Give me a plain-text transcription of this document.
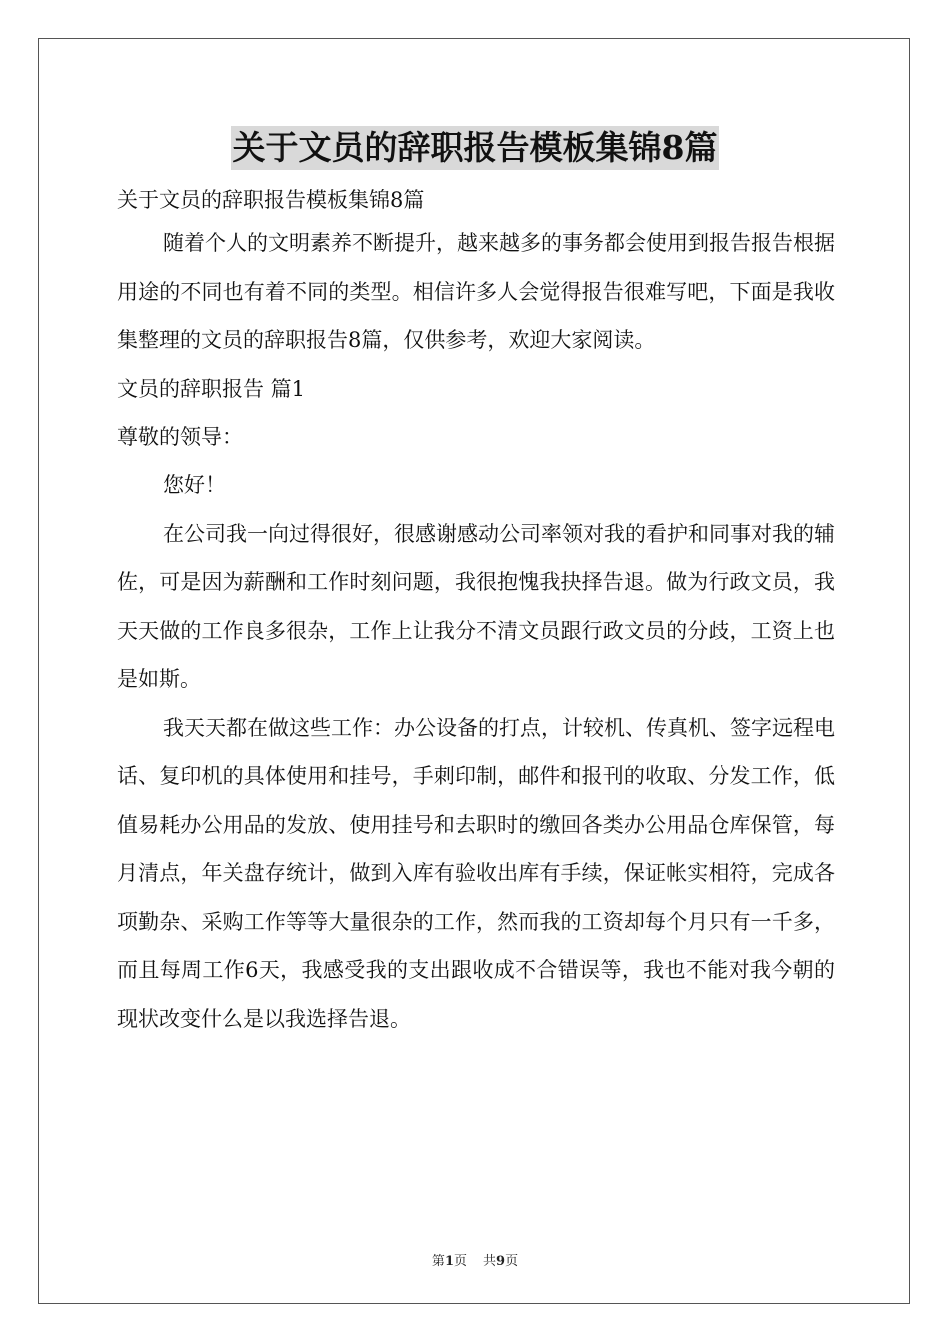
关于文员的辞职报告模板集锦8篇

关于文员的辞职报告模板集锦8篇

随着个人的文明素养不断提升，越来越多的事务都会使用到报告报告根据用途的不同也有着不同的类型。相信许多人会觉得报告很难写吧，下面是我收集整理的文员的辞职报告8篇，仅供参考，欢迎大家阅读。

文员的辞职报告 篇1

尊敬的领导：

您好！

在公司我一向过得很好，很感谢感动公司率领对我的看护和同事对我的辅佐，可是因为薪酬和工作时刻问题，我很抱愧我抉择告退。做为行政文员，我天天做的工作良多很杂，工作上让我分不清文员跟行政文员的分歧，工资上也是如斯。

我天天都在做这些工作：办公设备的打点，计较机、传真机、签字远程电话、复印机的具体使用和挂号，手刺印制，邮件和报刊的收取、分发工作，低值易耗办公用品的发放、使用挂号和去职时的缴回各类办公用品仓库保管，每月清点，年关盘存统计，做到入库有验收出库有手续，保证帐实相符，完成各项勤杂、采购工作等等大量很杂的工作，然而我的工资却每个月只有一千多，而且每周工作6天，我感受我的支出跟收成不合错误等，我也不能对我今朝的现状改变什么是以我选择告退。

第1页 共9页
